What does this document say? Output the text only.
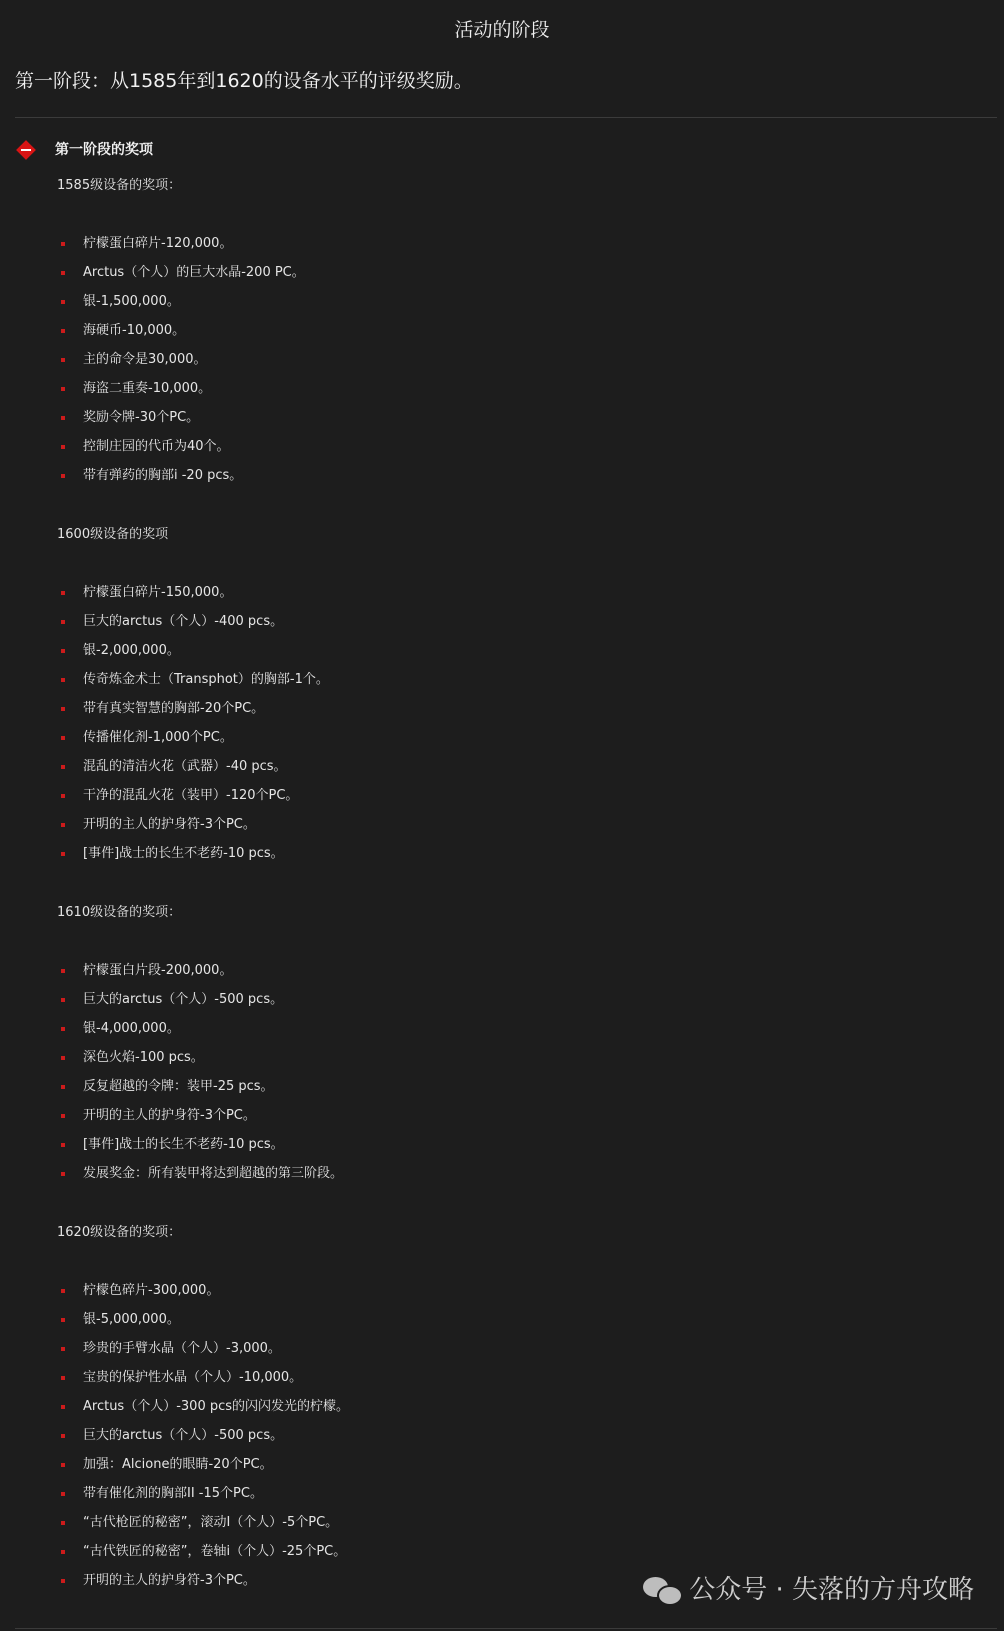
活动的阶段
第一阶段：从1585年到1620的设备水平的评级奖励。
第一阶段的奖项
1585级设备的奖项：
柠檬蛋白碎片-120,000。
Arctus（个人）的巨大水晶-200 PC。
银-1,500,000。
海硬币-10,000。
主的命令是30,000。
海盗二重奏-10,000。
奖励令牌-30个PC。
控制庄园的代币为40个。
带有弹药的胸部i -20 pcs。
1600级设备的奖项
柠檬蛋白碎片-150,000。
巨大的arctus（个人）-400 pcs。
银-2,000,000。
传奇炼金术士（Transphot）的胸部-1个。
带有真实智慧的胸部-20个PC。
传播催化剂-1,000个PC。
混乱的清洁火花（武器）-40 pcs。
干净的混乱火花（装甲）-120个PC。
开明的主人的护身符-3个PC。
[事件]战士的长生不老药-10 pcs。
1610级设备的奖项：
柠檬蛋白片段-200,000。
巨大的arctus（个人）-500 pcs。
银-4,000,000。
深色火焰-100 pcs。
反复超越的令牌：装甲-25 pcs。
开明的主人的护身符-3个PC。
[事件]战士的长生不老药-10 pcs。
发展奖金：所有装甲将达到超越的第三阶段。
1620级设备的奖项：
柠檬色碎片-300,000。
银-5,000,000。
珍贵的手臂水晶（个人）-3,000。
宝贵的保护性水晶（个人）-10,000。
Arctus（个人）-300 pcs的闪闪发光的柠檬。
巨大的arctus（个人）-500 pcs。
加强：Alcione的眼睛-20个PC。
带有催化剂的胸部II -15个PC。
“古代枪匠的秘密”，滚动I（个人）-5个PC。
“古代铁匠的秘密”，卷轴i（个人）-25个PC。
开明的主人的护身符-3个PC。	公众号 · 失落的方舟攻略
